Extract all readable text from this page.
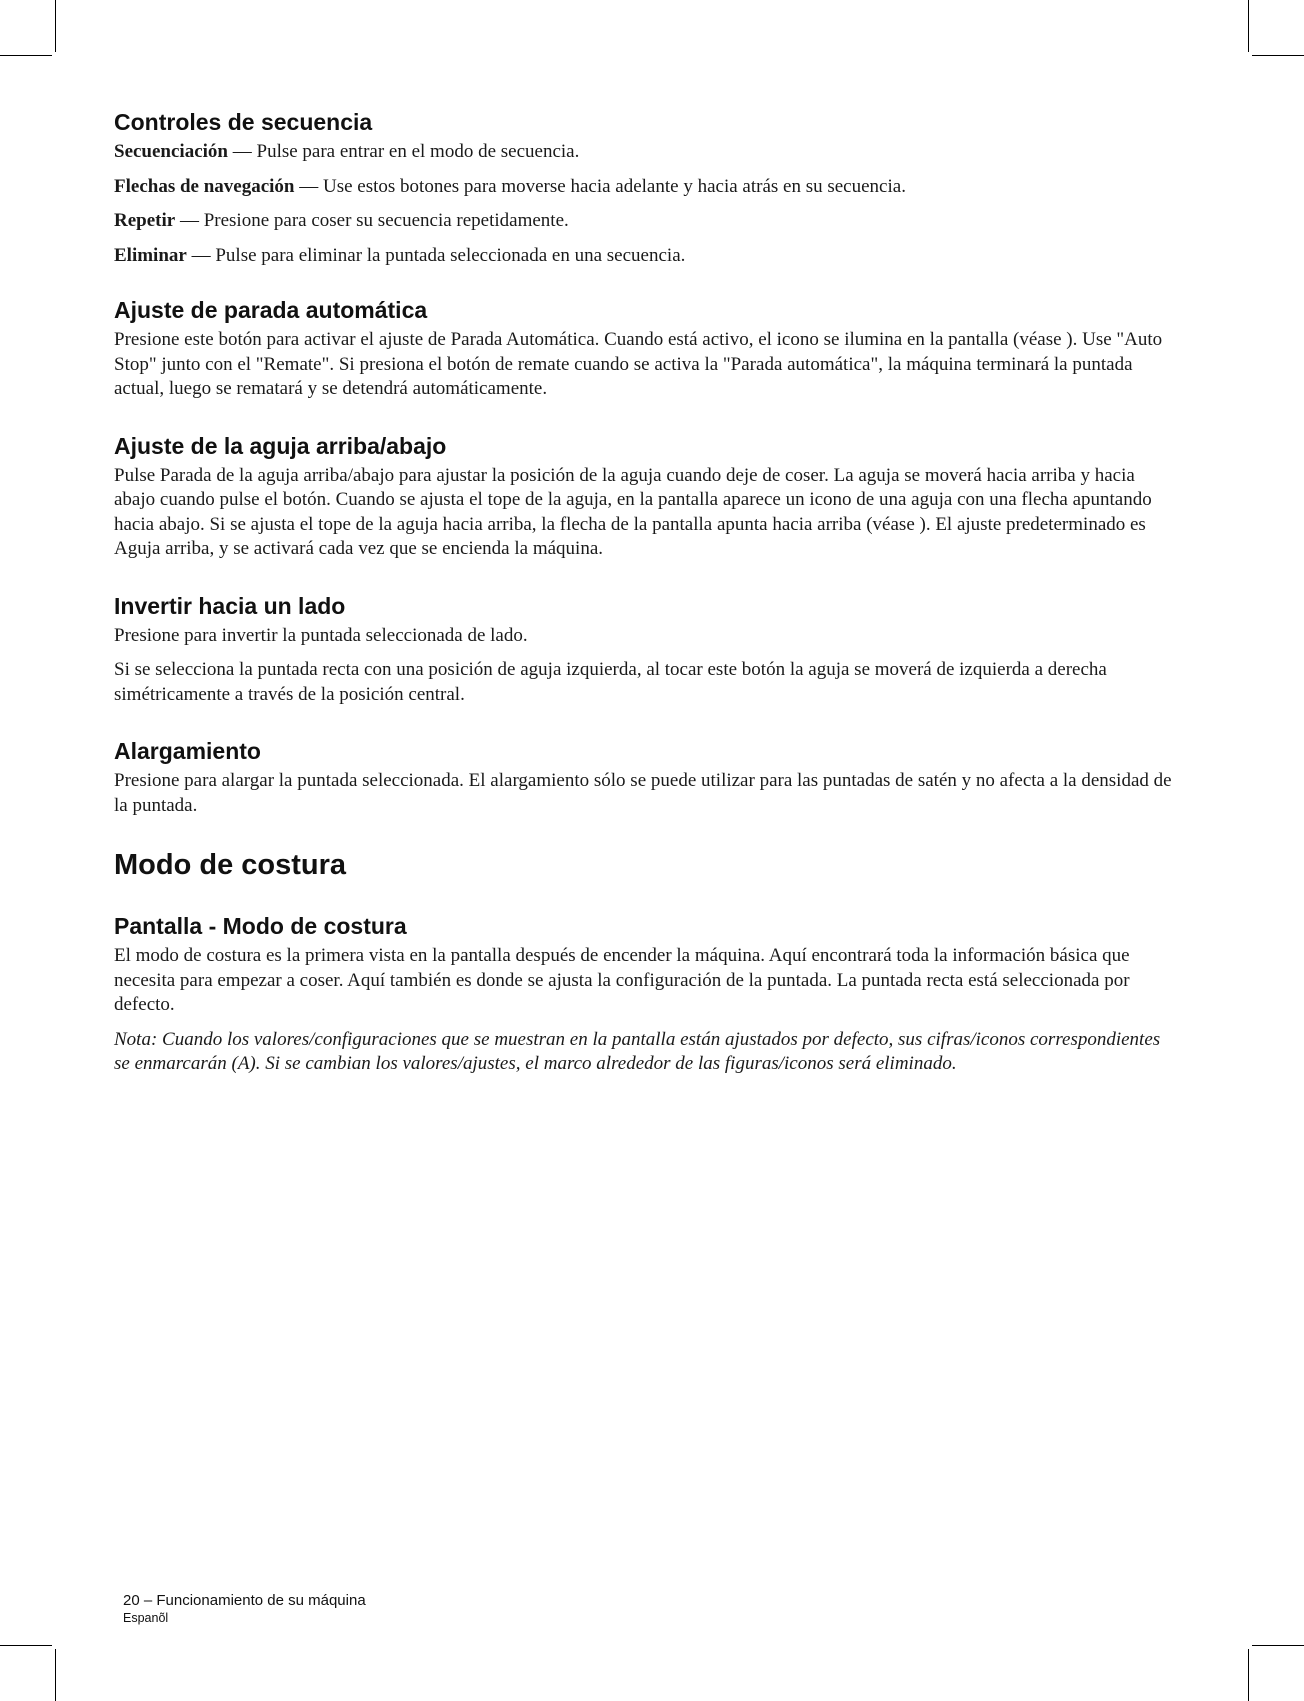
Controles de secuencia

Secuenciación — Pulse para entrar en el modo de secuencia.

Flechas de navegación — Use estos botones para moverse hacia adelante y hacia atrás en su secuencia.

Repetir — Presione para coser su secuencia repetidamente.

Eliminar — Pulse para eliminar la puntada seleccionada en una secuencia.

Ajuste de parada automática

Presione este botón para activar el ajuste de Parada Automática. Cuando está activo, el icono se ilumina en la pantalla (véase ). Use "Auto Stop" junto con el "Remate". Si presiona el botón de remate cuando se activa la "Parada automática", la máquina terminará la puntada actual, luego se rematará y se detendrá automáticamente.

Ajuste de la aguja arriba/abajo

Pulse Parada de la aguja arriba/abajo para ajustar la posición de la aguja cuando deje de coser. La aguja se moverá hacia arriba y hacia abajo cuando pulse el botón. Cuando se ajusta el tope de la aguja, en la pantalla aparece un icono de una aguja con una flecha apuntando hacia abajo. Si se ajusta el tope de la aguja hacia arriba, la flecha de la pantalla apunta hacia arriba (véase ). El ajuste predeterminado es Aguja arriba, y se activará cada vez que se encienda la máquina.

Invertir hacia un lado

Presione para invertir la puntada seleccionada de lado.

Si se selecciona la puntada recta con una posición de aguja izquierda, al tocar este botón la aguja se moverá de izquierda a derecha simétricamente a través de la posición central.

Alargamiento

Presione para alargar la puntada seleccionada. El alargamiento sólo se puede utilizar para las puntadas de satén y no afecta a la densidad de la puntada.

Modo de costura
Pantalla - Modo de costura

El modo de costura es la primera vista en la pantalla después de encender la máquina. Aquí encontrará toda la información básica que necesita para empezar a coser. Aquí también es donde se ajusta la configuración de la puntada. La puntada recta está seleccionada por defecto.

Nota: Cuando los valores/configuraciones que se muestran en la pantalla están ajustados por defecto, sus cifras/iconos correspondientes se enmarcarán (A). Si se cambian los valores/ajustes, el marco alrededor de las figuras/iconos será eliminado.

20 – Funcionamiento de su máquina
Espanõl
